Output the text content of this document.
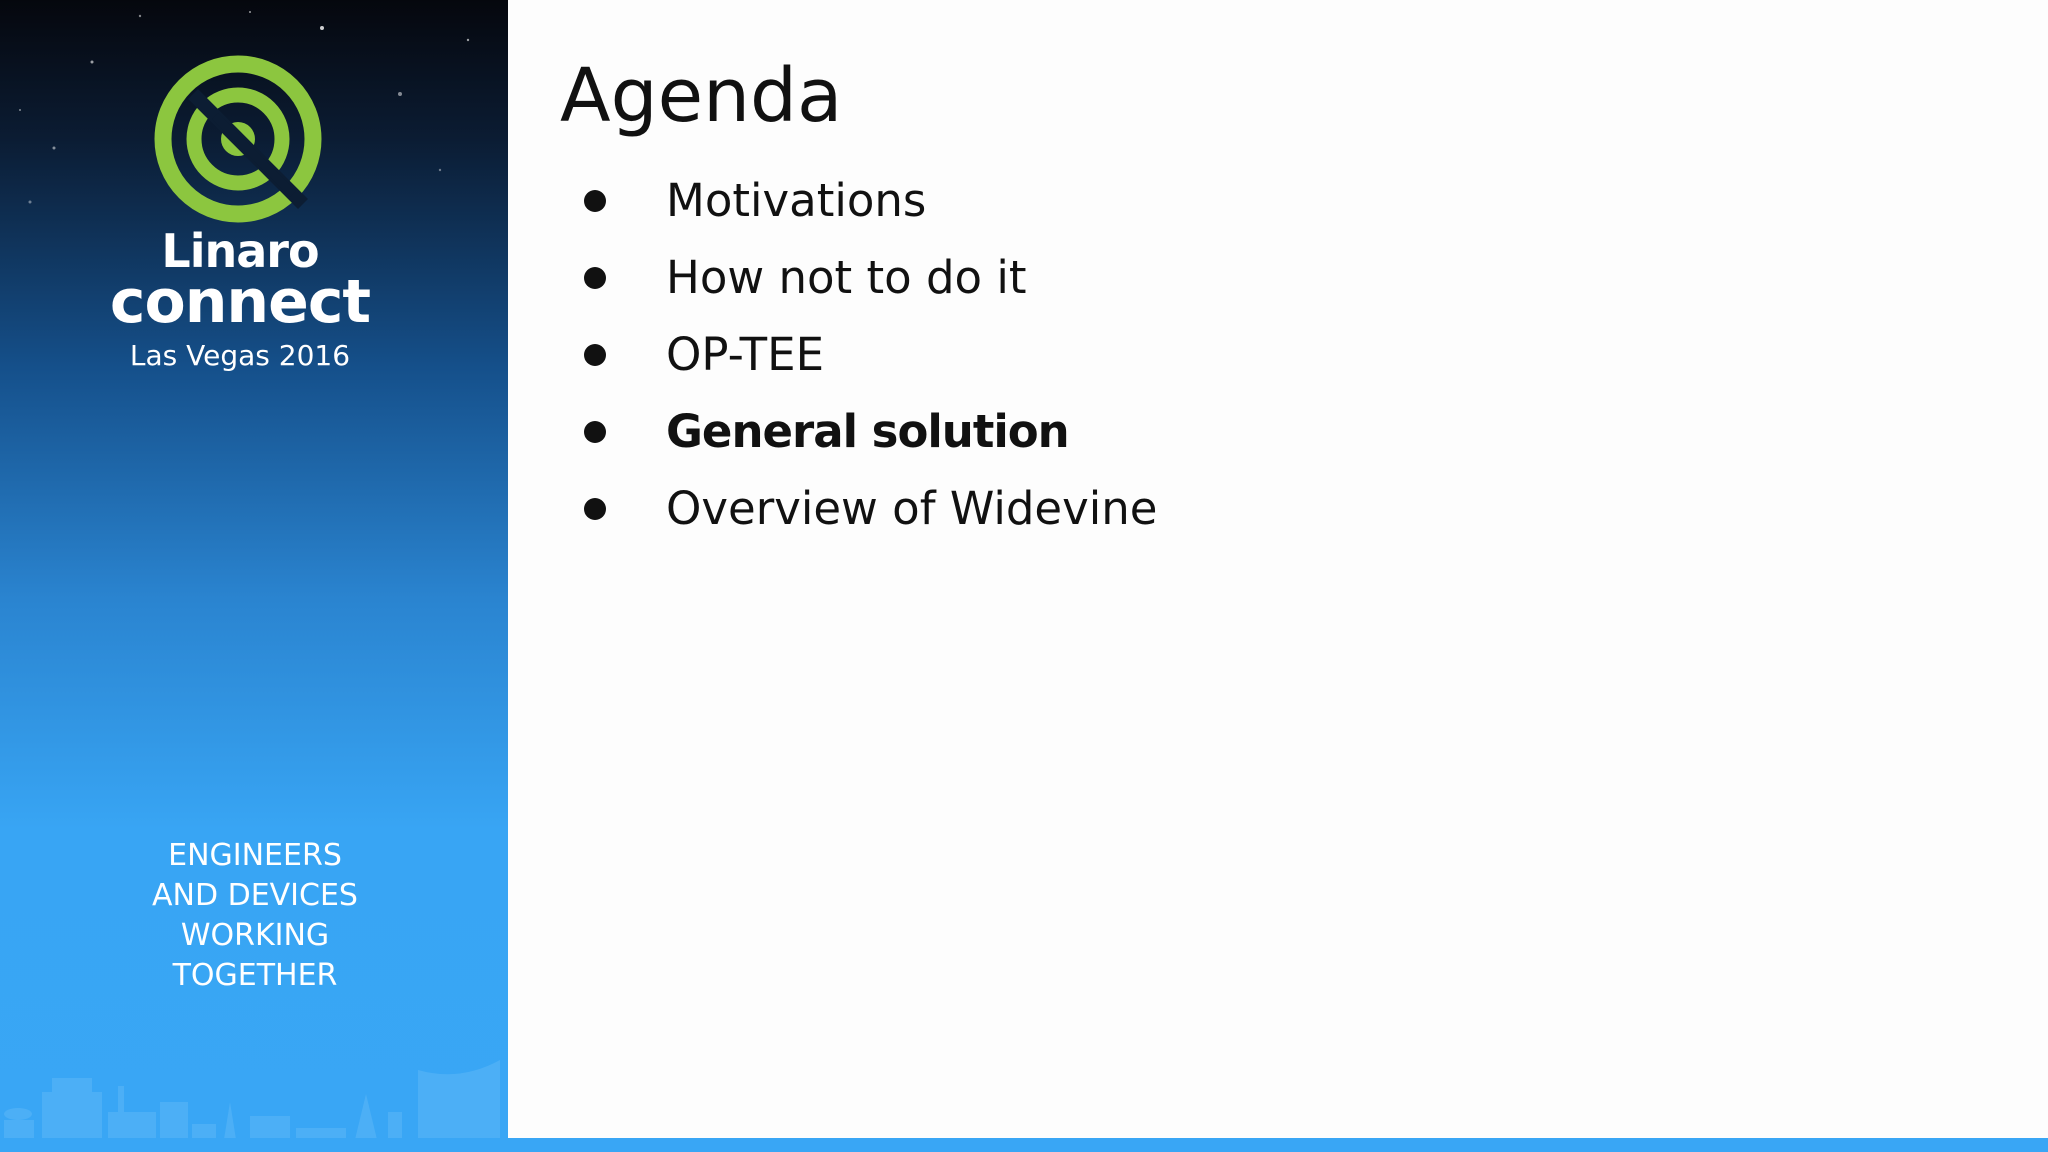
Linaro
connect
Las Vegas 2016
ENGINEERS
AND DEVICES
WORKING
TOGETHER
Agenda
Motivations
How not to do it
OP-TEE
General solution
Overview of Widevine
